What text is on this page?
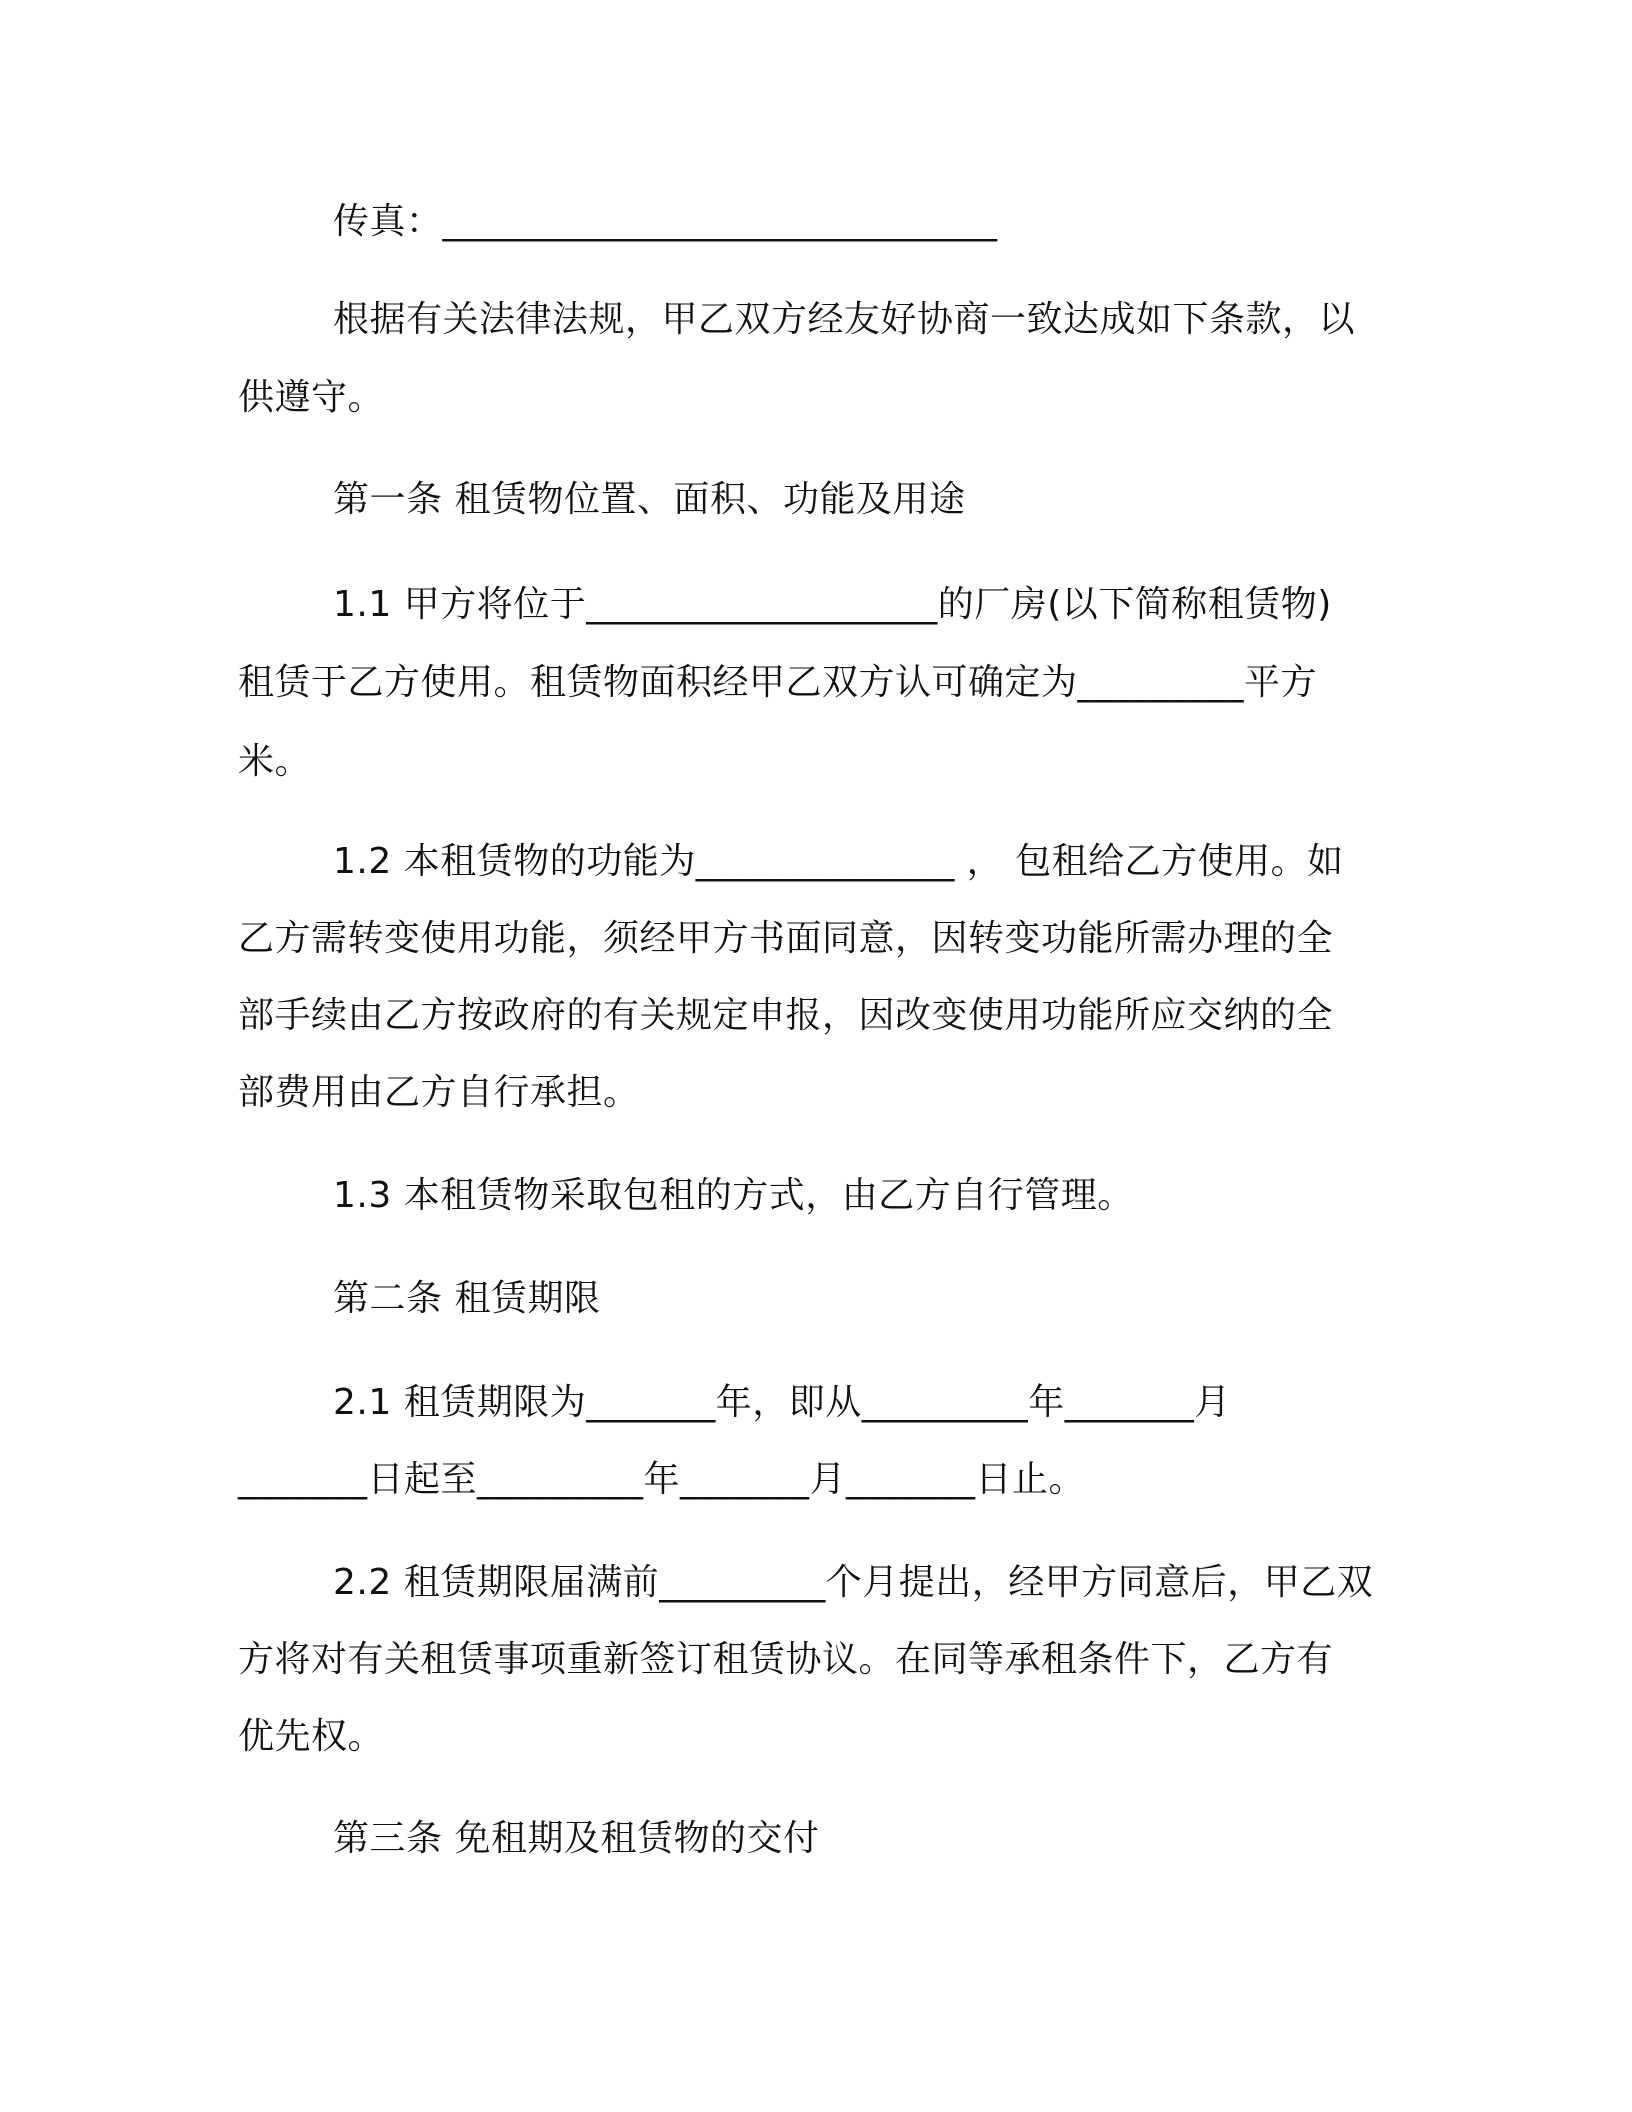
传真：______________________________
根据有关法律法规，甲乙双方经友好协商一致达成如下条款，以
供遵守。
第一条 租赁物位置、面积、功能及用途
1.1 甲方将位于___________________的厂房(以下简称租赁物)
租赁于乙方使用。租赁物面积经甲乙双方认可确定为_________平方
米。
1.2 本租赁物的功能为______________ ， 包租给乙方使用。如
乙方需转变使用功能，须经甲方书面同意，因转变功能所需办理的全
部手续由乙方按政府的有关规定申报，因改变使用功能所应交纳的全
部费用由乙方自行承担。
1.3 本租赁物采取包租的方式，由乙方自行管理。
第二条 租赁期限
2.1 租赁期限为_______年，即从_________年_______月
_______日起至_________年_______月_______日止。
2.2 租赁期限届满前_________个月提出，经甲方同意后，甲乙双
方将对有关租赁事项重新签订租赁协议。在同等承租条件下，乙方有
优先权。
第三条 免租期及租赁物的交付
